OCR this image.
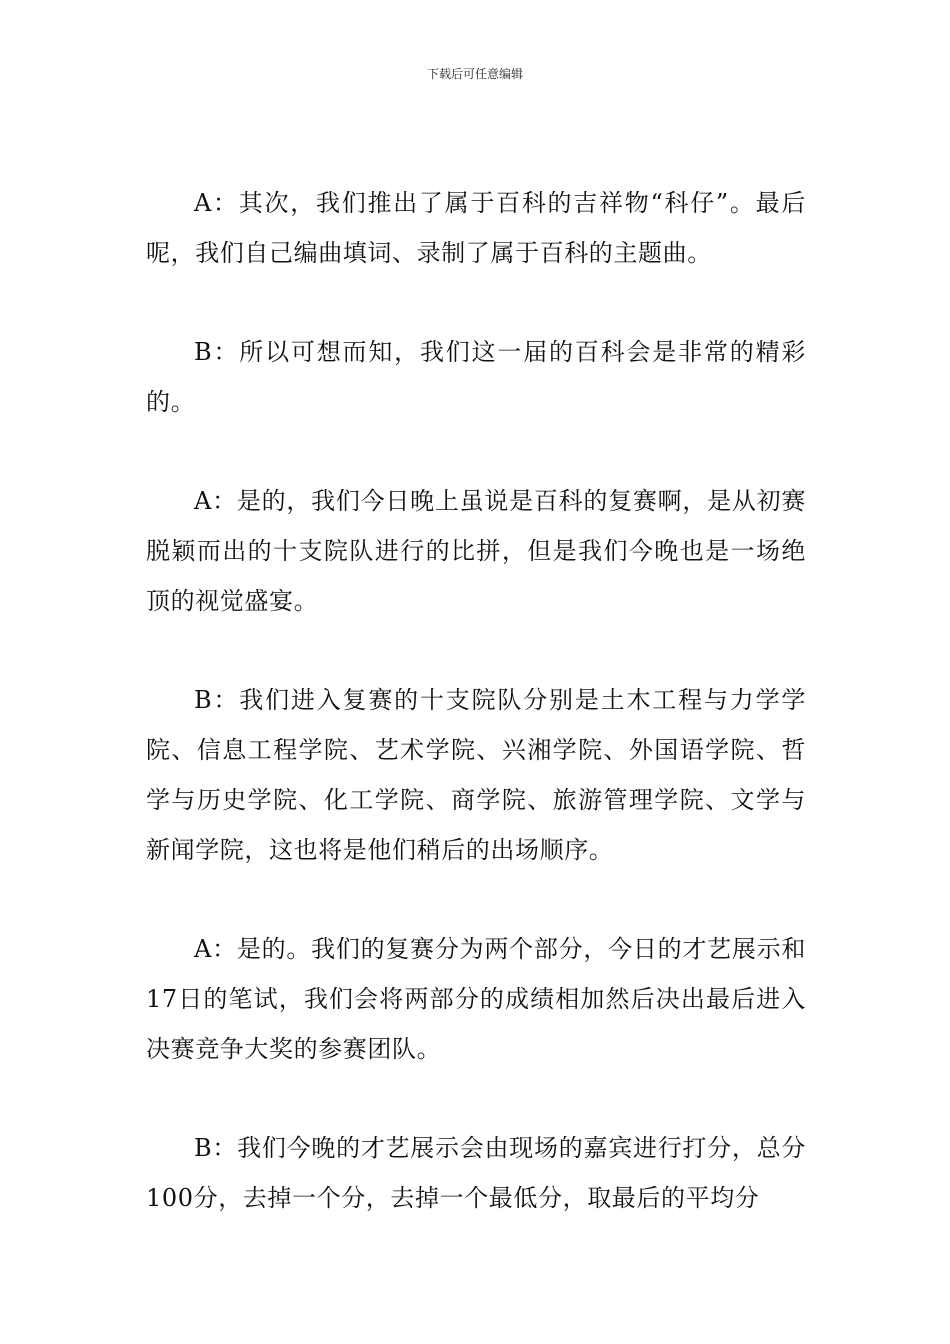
下载后可任意编辑

A：其次，我们推出了属于百科的吉祥物“科仔”。最后呢，我们自己编曲填词、录制了属于百科的主题曲。

B：所以可想而知，我们这一届的百科会是非常的精彩的。

A：是的，我们今日晚上虽说是百科的复赛啊，是从初赛脱颖而出的十支院队进行的比拼，但是我们今晚也是一场绝顶的视觉盛宴。

B：我们进入复赛的十支院队分别是土木工程与力学学院、信息工程学院、艺术学院、兴湘学院、外国语学院、哲学与历史学院、化工学院、商学院、旅游管理学院、文学与新闻学院，这也将是他们稍后的出场顺序。

A：是的。我们的复赛分为两个部分，今日的才艺展示和17日的笔试，我们会将两部分的成绩相加然后决出最后进入决赛竞争大奖的参赛团队。

B：我们今晚的才艺展示会由现场的嘉宾进行打分，总分100分，去掉一个分，去掉一个最低分，取最后的平均分
